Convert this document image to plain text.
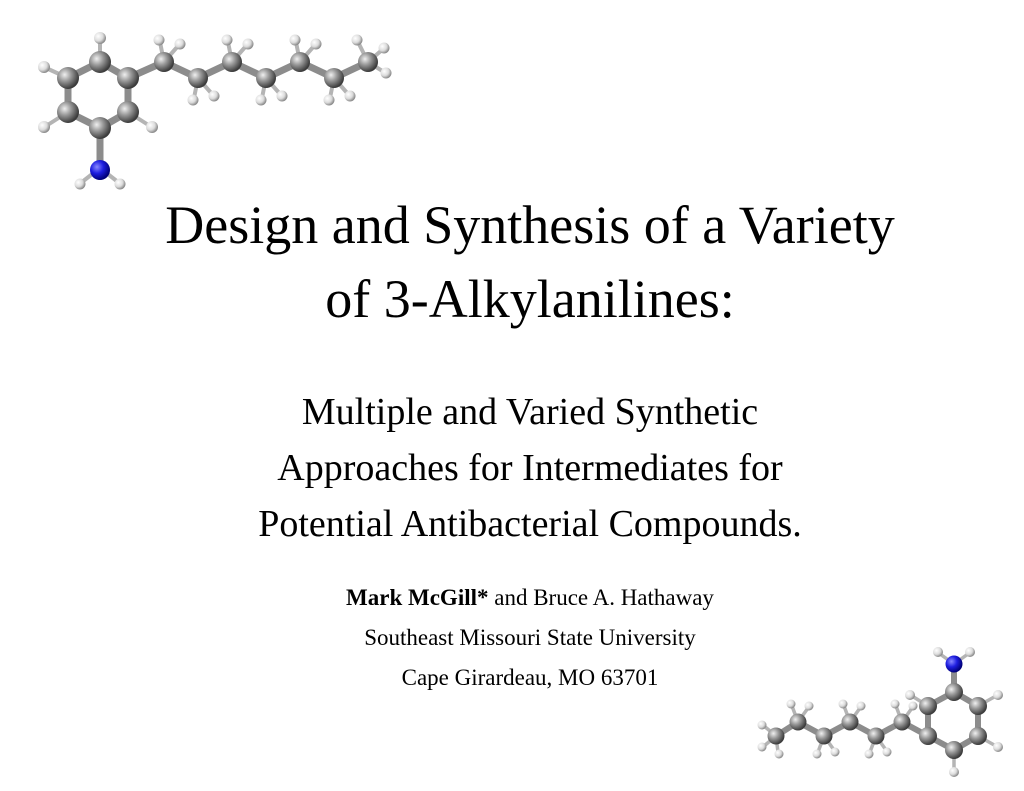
Design and Synthesis of a Variety
of 3-Alkylanilines:
Multiple and Varied Synthetic
Approaches for Intermediates for
Potential Antibacterial Compounds.
Mark McGill* and Bruce A. Hathaway
Southeast Missouri State University
Cape Girardeau, MO 63701
